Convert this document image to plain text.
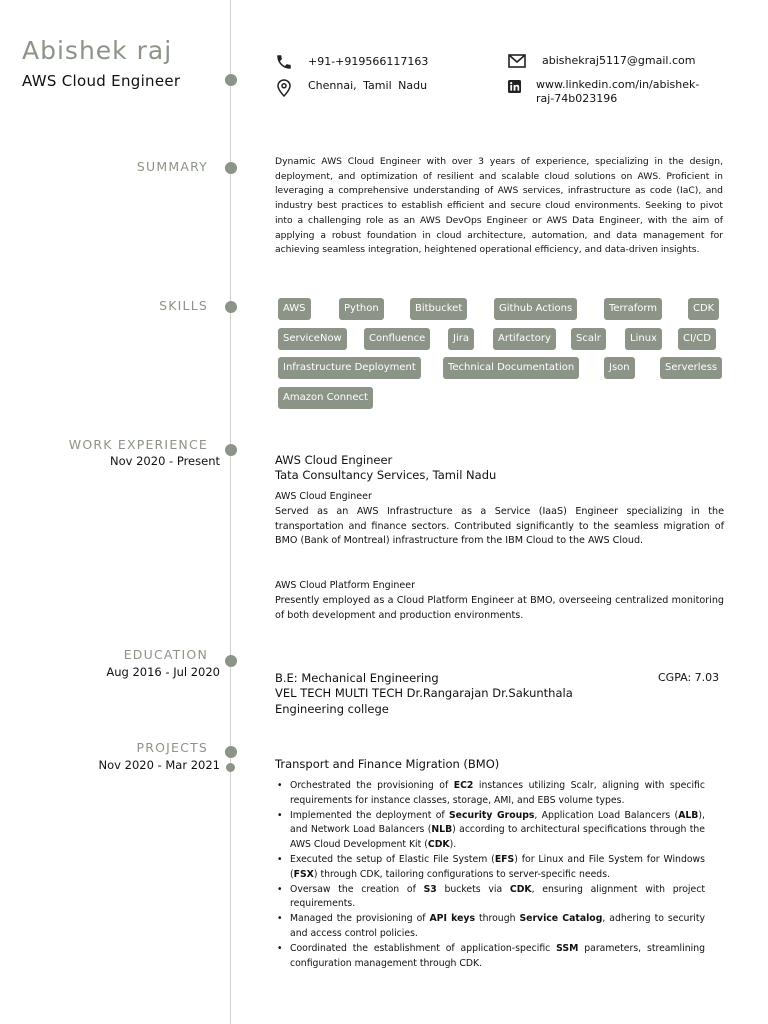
Abishek raj
AWS Cloud Engineer
+91-+919566117163	abishekraj5117@gmail.com
Chennai, Tamil Nadu	www.linkedin.com/in/abishek-
raj-74b023196
SUMMARY	Dynamic AWS Cloud Engineer with over 3 years of experience, specializing in the design, deployment, and optimization of resilient and scalable cloud solutions on AWS. Proficient in leveraging a comprehensive understanding of AWS services, infrastructure as code (IaC), and industry best practices to establish efficient and secure cloud environments. Seeking to pivot into a challenging role as an AWS DevOps Engineer or AWS Data Engineer, with the aim of applying a robust foundation in cloud architecture, automation, and data management for achieving seamless integration, heightened operational efficiency, and data-driven insights.
SKILLS	AWS	Python	Bitbucket	Github Actions	Terraform	CDK
ServiceNow	Confluence	Jira	Artifactory	Scalr	Linux	CI/CD
Infrastructure Deployment	Technical Documentation	Json	Serverless
Amazon Connect
WORK EXPERIENCE
Nov 2020 - Present	AWS Cloud Engineer
Tata Consultancy Services, Tamil Nadu
AWS Cloud Engineer
Served as an AWS Infrastructure as a Service (IaaS) Engineer specializing in the transportation and finance sectors. Contributed significantly to the seamless migration of BMO (Bank of Montreal) infrastructure from the IBM Cloud to the AWS Cloud.
AWS Cloud Platform Engineer
Presently employed as a Cloud Platform Engineer at BMO, overseeing centralized monitoring of both development and production environments.
EDUCATION
Aug 2016 - Jul 2020	B.E: Mechanical Engineering	CGPA: 7.03
VEL TECH MULTI TECH Dr.Rangarajan Dr.Sakunthala Engineering college
PROJECTS
Nov 2020 - Mar 2021	Transport and Finance Migration (BMO)
• Orchestrated the provisioning of EC2 instances utilizing Scalr, aligning with specific requirements for instance classes, storage, AMI, and EBS volume types.
• Implemented the deployment of Security Groups, Application Load Balancers (ALB), and Network Load Balancers (NLB) according to architectural specifications through the AWS Cloud Development Kit (CDK).
• Executed the setup of Elastic File System (EFS) for Linux and File System for Windows (FSX) through CDK, tailoring configurations to server-specific needs.
• Oversaw the creation of S3 buckets via CDK, ensuring alignment with project requirements.
• Managed the provisioning of API keys through Service Catalog, adhering to security and access control policies.
• Coordinated the establishment of application-specific SSM parameters, streamlining configuration management through CDK.
